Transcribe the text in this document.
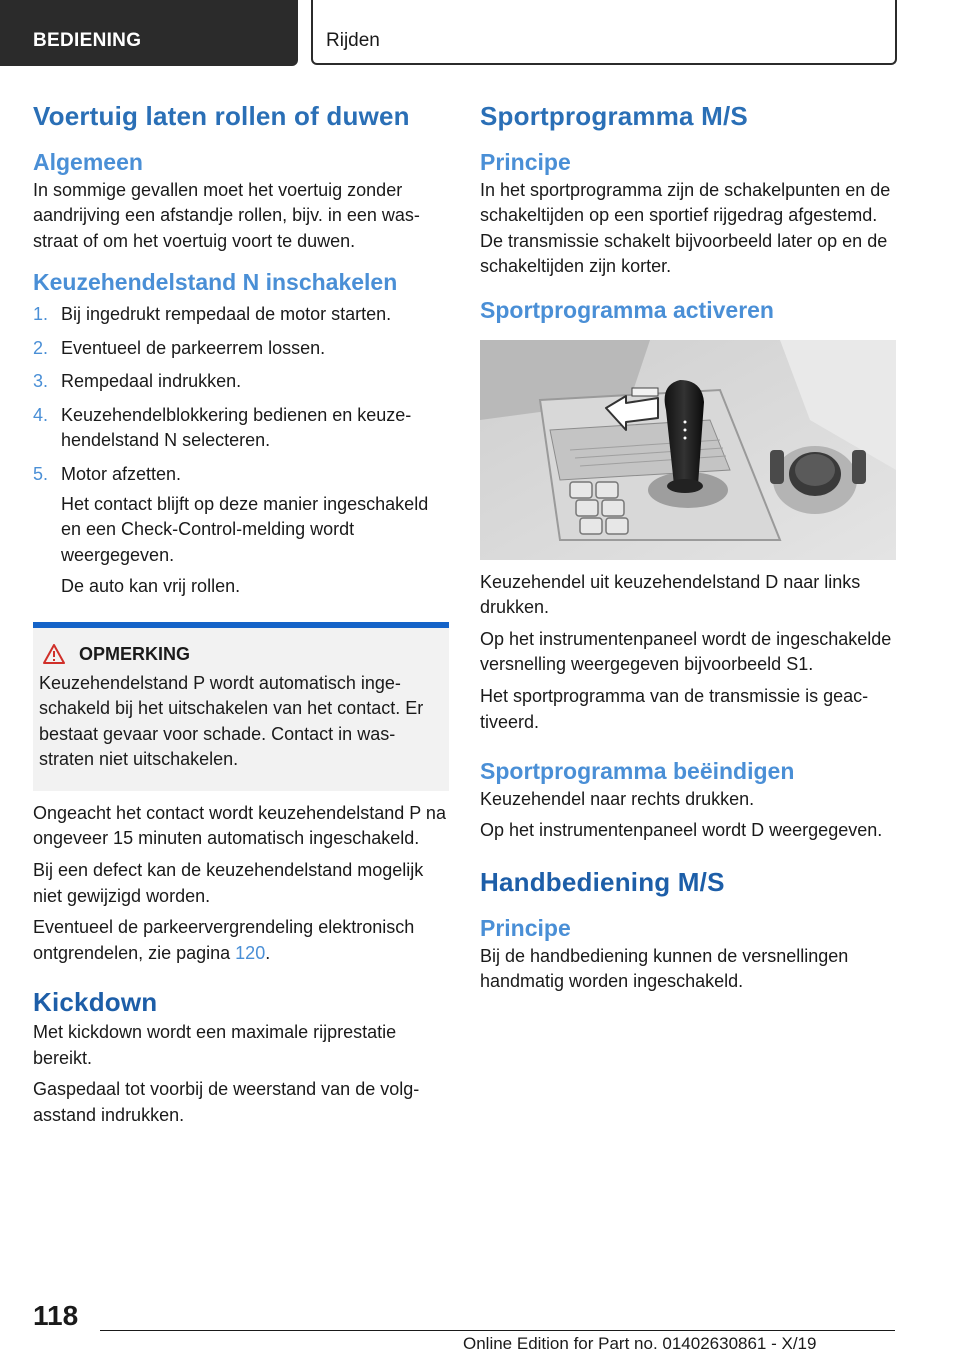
BEDIENING	Rijden
Voertuig laten rollen of duwen
Algemeen

In sommige gevallen moet het voertuig zonder aandrijving een afstandje rollen, bijv. in een wasstraat of om het voertuig voort te duwen.

Keuzehendelstand N inschakelen
1. Bij ingedrukt rempedaal de motor starten.
2. Eventueel de parkeerrem lossen.
3. Rempedaal indrukken.
4. Keuzehendelblokkering bedienen en keuzehendelstand N selecteren.
5. Motor afzetten.

Het contact blijft op deze manier ingeschakeld en een Check-Control-melding wordt weergegeven.

De auto kan vrij rollen.

OPMERKING

Keuzehendelstand P wordt automatisch ingeschakeld bij het uitschakelen van het contact. Er bestaat gevaar voor schade. Contact in wasstraten niet uitschakelen.

Ongeacht het contact wordt keuzehendelstand P na ongeveer 15 minuten automatisch ingeschakeld.

Bij een defect kan de keuzehendelstand mogelijk niet gewijzigd worden.

Eventueel de parkeervergrendeling elektronisch ontgrendelen, zie pagina 120.

Kickdown

Met kickdown wordt een maximale rijprestatie bereikt.

Gaspedaal tot voorbij de weerstand van de volgasstand indrukken.

Sportprogramma M/S
Principe

In het sportprogramma zijn de schakelpunten en de schakeltijden op een sportief rijgedrag afgestemd. De transmissie schakelt bijvoorbeeld later op en de schakeltijden zijn korter.

Sportprogramma activeren

Keuzehendel uit keuzehendelstand D naar links drukken.

Op het instrumentenpaneel wordt de ingeschakelde versnelling weergegeven bijvoorbeeld S1.

Het sportprogramma van de transmissie is geactiveerd.

Sportprogramma beëindigen

Keuzehendel naar rechts drukken.

Op het instrumentenpaneel wordt D weergegeven.

Handbediening M/S
Principe

Bij de handbediening kunnen de versnellingen handmatig worden ingeschakeld.

118
Online Edition for Part no. 01402630861 - X/19
